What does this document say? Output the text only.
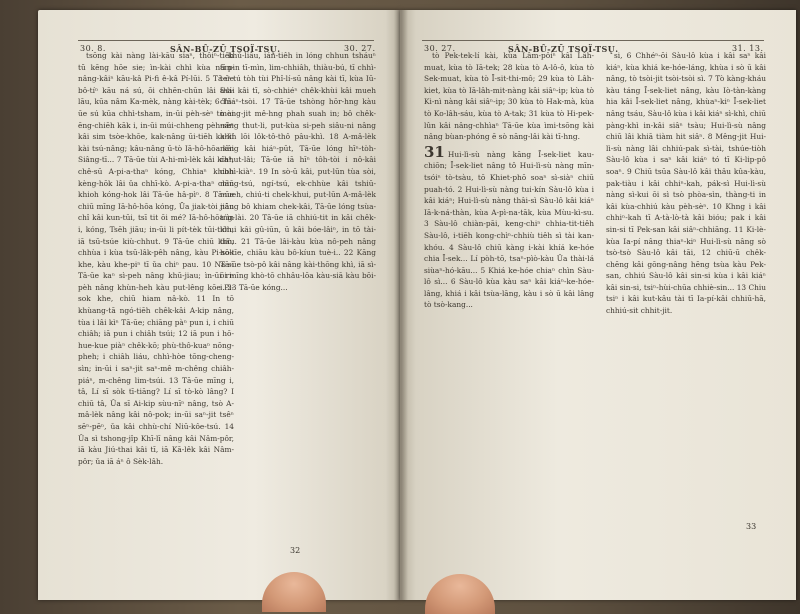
30. 8.	SÂN-BÛ-ZŪ TSOÏ-TSŲ.	30. 27.

tsōng kài nàng lài-kāu siaⁿ, thôiⁿ-tiêh tŭ kēng hōe sie; ìn-kài chhì kùa nâm-nâng-kâiⁿ kāu-kâ Pi-fi ê-kâ Pí-lūi. 5 Tā-ūe bô-tíⁿ kāu ná sú, ōi chhēn-chūn lâi ā-lí-lāu, kūa nâm Ka-mèk, nàng kài-tèk; 6 Tā-ūe sú kūa chhì-tsham, in-ūi pèh-sèⁿ tò ai ēng-chiēh kāk i, in-ūi múi-chheng pèh-sèⁿ kâi sim tsòe-khōe, kak-nâng ūi-tiēh ka-kí kài tsú-nâng; kâu-nâng ū-tò Iā-hô-hōa kâi Siâng-tī... 7 Tā-ūe tùi A-hi-mì-lèk kâi kîaⁿ, chê-sū A-pi-a-thaⁿ kóng, Chhiaⁿ khioh kèng-hōk lâi ǔa chhī-kò. A-pi-a-thaⁿ chiū khioh kóng-hok lâi Tā-ūe hâ-pìⁿ. 8 Tā-ūe chiū mīng Iā-hô-hōa kóng, Ūa jiak-tòi jiāu chî kâi kun-tūi, tsī tit ōi mé? Iā-hô-hōa ìn i, kóng, Tsēh jiāu; in-ūi li pít-tèk tūi-tiòh, iā tsū-tsúe kiù-chhut. 9 Tā-ūe chiū khò, chhùa i kùa tsū-lâk-pêh nâng, kàu Pi-sok khe, kàu khe-piⁿ tī ǔa chiⁿ pau. 10 Nā-sī Tā-ūe kaⁿ sì-peh nâng khū-jiau; ìn-ūi ri-pèh nâng khùn-heh kàu put-lêng kōe Pi-sok khe, chiū hiam nâ-kò. 11 In tō khùang-tā ngó-tiēh chêk-kâi A-kip nâng, tùa i lâi kìⁿ Tā-ūe; chiāng pàⁿ pun i, i chiū chiâh; iā pun i chiâh tsúi; 12 iā pun i hō-hue-kue piàⁿ chêk-kō; phù-thô-kuaⁿ nōng-pheh; i chiâh liáu, chhì-hòe tōng-cheng-sìn; in-ūi i saⁿ-jit saⁿ-mê m-chêng chiâh-piáⁿ, m-chêng lim-tsúi. 13 Tā-ūe mīng i, tâ, Lí sī sòk tī-tiāng? Lí sī tò-kò lâng? I chiū tâ, Ǔa sī Ai-kip sùu-nīⁿ nâng, tsò A-mâ-lèk nâng kâi nô-pok; in-ūi saⁿ-jit tsêⁿ sēⁿ-pēⁿ, ǔa kâi chhù-chí Niū-kôe-tsú. 14 Ǔa sì tshong-jîp Khī-lī nâng kâi Nâm-pôr, iā kàu Jiú-thai kâi tī, iā Kā-lêk kâi Nâm-pôr; ǔa iā áⁿ ô Sèk-lâh.

khǔ-liâu, ián-tiêh in lóng chhun tsháuⁿ tī pin tī-mìn, lim-chhiâh, thiàu-bú, tī chhì-teⁿ tú tòh tùi Phî-lí-sū nâng kài tī, kùa Iū-thai kâi tī, sò-chhiéⁿ chêk-khùi kâi mueh chiáⁿ-tsòi. 17 Tā-ūe tshòng hōr-hng kàu mèng-jit mê-hng phah suah in; bô chêk-nâng thut-li, put-kùa si-peh siâu-ni nâng khìh lōi lôk-tô-thô pâu-khì. 18 A-mâ-lèk nâng kâi hiáⁿ-pūt, Tā-ūe lóng hīⁿ-tòh-chhut-lâi; Tā-ūe iā hīⁿ tôh-tòi i nô-kâi chhì-kiàⁿ. 19 In sò-ū kâi, put-lūn tùa sòi, nāng-tsú, ngí-tsú, ek-chhùe kâi tshiū-mueh, chiú-ti chek-khui, put-lūn A-mâ-lèk nâng bô khiam chek-kâi, Tā-ūe lóng tsùa-tńg-lài. 20 Tā-ūe iā chhiú-tit in kâi chêk-khui kâi gû-iūn, ū kâi bóe-lâiⁿ, in tō tài-tiâu. 21 Tā-ūe lâi-kàu kùa nô-peh nâng hō-tīe, chiāu kàu bô-kíun tuè-i.. 22 Kāng Tā-ūe tsò-pô kâi nâng kài-thōng khì, iā sì-ōi mīng khò-tō chhâu-lōa kàu-siā kàu bōi-i. 23 Tā-ūe kóng...

32
30. 27.	SÂN-BÛ-ZŪ TSOÏ-TSŲ.	31. 13.

tò Pek-tek-lí kài, kùa Lâm-pôiⁿ kâi Lâh-muat, kùa tò Iā-tek; 28 kùa tò A-lô-ô, kùa tò Sek-muat, kùa tò Ī-sit-thi-mô; 29 kùa tò Lâh-kiet, kùa tò Iā-lâh-mit-nàng kâi siâⁿ-ip; kùa tò Ki-nì nàng kâi siâⁿ-ip; 30 kùa tò Hak-mà, kùa tò Ko-lâh-sáu, kùa tò A-tak; 31 kùa tò Hi-pek-lûn kâi nâng-chhìaⁿ Tā-ūe kùa ìmi-tsōng kài nâng bùan-phóng ē sò nāng-lâi kài tī-hng.

31 Hui-lì-sù nàng kāng Ī-sek-liet kau-chiōn; Ī-sek-liet nâng tô Hui-lì-sù nàng mīn-tsóiⁿ tò-tsàu, tō Khiet-phō soaⁿ sì-siàⁿ chiū puah-tó. 2 Hui-lì-sù nàng tui-kín Sàu-lô kùa i kâi kiáⁿ; Hui-lì-sù nàng thâi-sì Sàu-lô kâi kiáⁿ Iā-k-ná-thàn, kùa A-pì-na-tāk, kùa Mùu-kì-su. 3 Sàu-lô chiàn-pāi, keng-chiⁿ chhia-tit-tiêh Sàu-lô, i-tiēh kong-chìⁿ-chhiù tiêh sì tài kan-khóu. 4 Sàu-lô chiū kàng i-kài khíá ke-hóe chia Ī-sek... Lí pòh-tō, tsaⁿ-pìò-kàu Ǔa thài-lá siùaⁿ-hó-kāu... 5 Khiá ke-hóe chiaⁿ chìn Sàu-lô sì... 6 Sàu-lô kùa kàu saⁿ kâi kiáⁿ-ke-hóe-lâng, khiá i kâi tsùa-lāng, kàu i sò ū kâi lâng tò tsò-kang...

si, 6 Chhéⁿ-ōi Sàu-lô kùa i kâi saⁿ kâi kiáⁿ, kùa khiá ke-hóe-láng, khùa i sò ū kâi nâng, tò tsòi-jit tsòi-tsòi sì. 7 Tò kàng-kháu kàu táng Ī-sek-liet nâng, kàu Iò-tàn-kàng hia kâi Ī-sek-liet nâng, khùaⁿ-kiⁿ Ī-sek-liet nâng tsáu, Sàu-lô kùa i kâi kiáⁿ sì-khì, chiū pàng-khì in-kâi siâⁿ tsàu; Hui-lì-sù nâng chiū lâi khiā tiàm hit siâⁿ. 8 Mêng-jit Hui-lì-sù nàng lâi chhiú-pak sì-tài, tshúe-tiòh Sàu-lô kùa i saⁿ kâi kiáⁿ tó tī Ki-lip-pô soaⁿ. 9 Chiū tsūa Sàu-lô kâi thâu kûa-kàu, pak-tiàu i kâi chhiⁿ-kah, pák-sì Hui-lì-sù nàng sì-kui ōi sì tsò phòa-sìn, thàng-ti in kâi kùa-chhiú kàu pèh-sèⁿ. 10 Khng i kâi chhiⁿ-kah tī A-tà-lò-tà kâi bióu; pak i kâi sin-si tī Pek-san kâi siâⁿ-chhiāng. 11 Ki-lè-kùa Ia-pí nâng thiaⁿ-kiⁿ Hui-lì-sù nâng sò tsò-tsò Sàu-lô kâi tāi, 12 chiū-ū chêk-chēng kâi gōng-nâng hēng tsùa kàu Pek-san, chhiú Sàu-lô kâi sin-si kùa i kâi kiáⁿ kâi sin-si, tsiⁿ-hùi-chūa chhiè-sin... 13 Chiu tsiⁿ i kâi kut-kâu tài tī Ia-pí-kâi chhiū-hā, chhiú-sit chhit-jit.

33
